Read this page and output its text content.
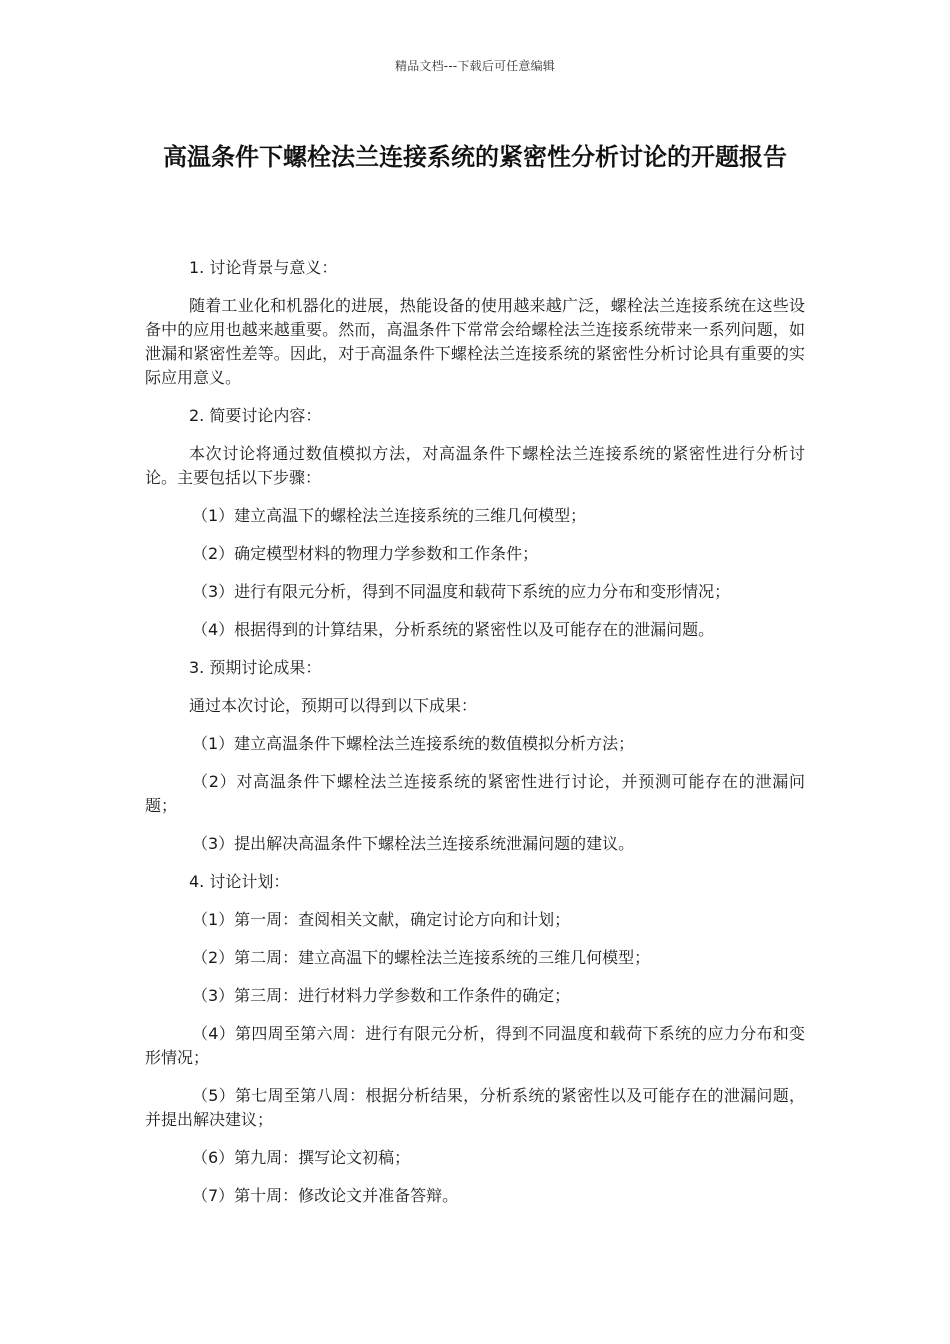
精品文档---下载后可任意编辑
高温条件下螺栓法兰连接系统的紧密性分析讨论的开题报告

1. 讨论背景与意义：

随着工业化和机器化的进展，热能设备的使用越来越广泛，螺栓法兰连接系统在这些设备中的应用也越来越重要。然而，高温条件下常常会给螺栓法兰连接系统带来一系列问题，如泄漏和紧密性差等。因此，对于高温条件下螺栓法兰连接系统的紧密性分析讨论具有重要的实际应用意义。

2. 简要讨论内容：

本次讨论将通过数值模拟方法，对高温条件下螺栓法兰连接系统的紧密性进行分析讨论。主要包括以下步骤：

（1）建立高温下的螺栓法兰连接系统的三维几何模型；

（2）确定模型材料的物理力学参数和工作条件；

（3）进行有限元分析，得到不同温度和载荷下系统的应力分布和变形情况；

（4）根据得到的计算结果，分析系统的紧密性以及可能存在的泄漏问题。

3. 预期讨论成果：

通过本次讨论，预期可以得到以下成果：

（1）建立高温条件下螺栓法兰连接系统的数值模拟分析方法；

（2）对高温条件下螺栓法兰连接系统的紧密性进行讨论，并预测可能存在的泄漏问题；

（3）提出解决高温条件下螺栓法兰连接系统泄漏问题的建议。

4. 讨论计划：

（1）第一周：查阅相关文献，确定讨论方向和计划；

（2）第二周：建立高温下的螺栓法兰连接系统的三维几何模型；

（3）第三周：进行材料力学参数和工作条件的确定；

（4）第四周至第六周：进行有限元分析，得到不同温度和载荷下系统的应力分布和变形情况；

（5）第七周至第八周：根据分析结果，分析系统的紧密性以及可能存在的泄漏问题，并提出解决建议；

（6）第九周：撰写论文初稿；

（7）第十周：修改论文并准备答辩。
